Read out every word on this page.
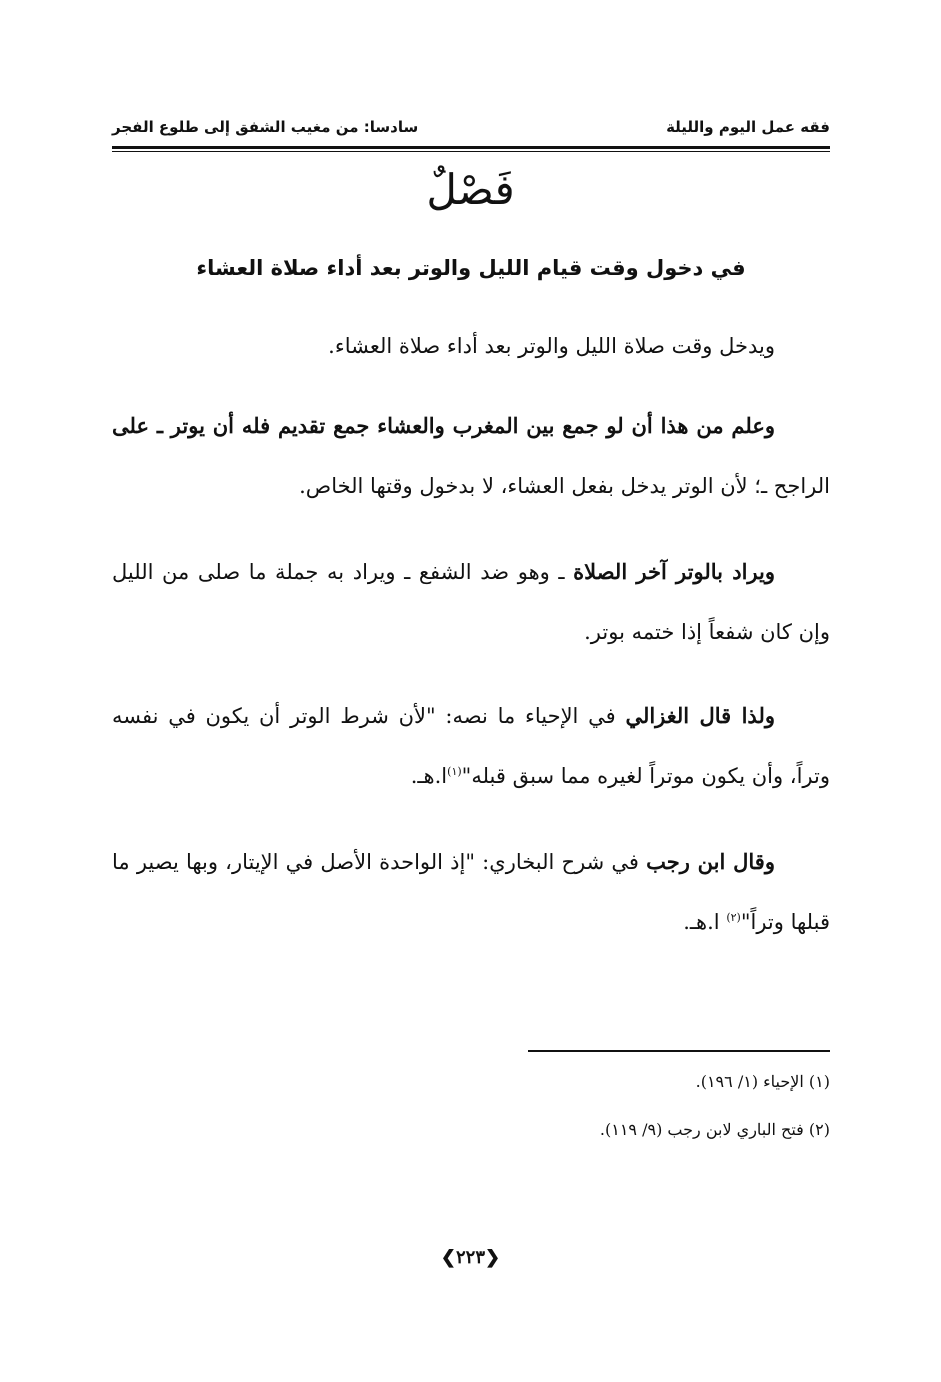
فقه عمل اليوم والليلة
سادسا: من مغيب الشفق إلى طلوع الفجر
فَصْلٌ
في دخول وقت قيام الليل والوتر بعد أداء صلاة العشاء
ويدخل وقت صلاة الليل والوتر بعد أداء صلاة العشاء.
وعلم من هذا أن لو جمع بين المغرب والعشاء جمع تقديم فله أن يوتر ـ على الراجح ـ؛ لأن الوتر يدخل بفعل العشاء، لا بدخول وقتها الخاص.
ويراد بالوتر آخر الصلاة ـ وهو ضد الشفع ـ ويراد به جملة ما صلى من الليل وإن كان شفعاً إذا ختمه بوتر.
ولذا قال الغزالي في الإحياء ما نصه: "لأن شرط الوتر أن يكون في نفسه وتراً، وأن يكون موتراً لغيره مما سبق قبله"$^{(١)}$ا.هـ.
وقال ابن رجب في شرح البخاري: "إذ الواحدة الأصل في الإيتار، وبها يصير ما قبلها وتراً"$^{(٢)}$ ا.هـ.
(١) الإحياء (١/ ١٩٦).
(٢) فتح الباري لابن رجب (٩/ ١١٩).
❮٢٢٣❯
